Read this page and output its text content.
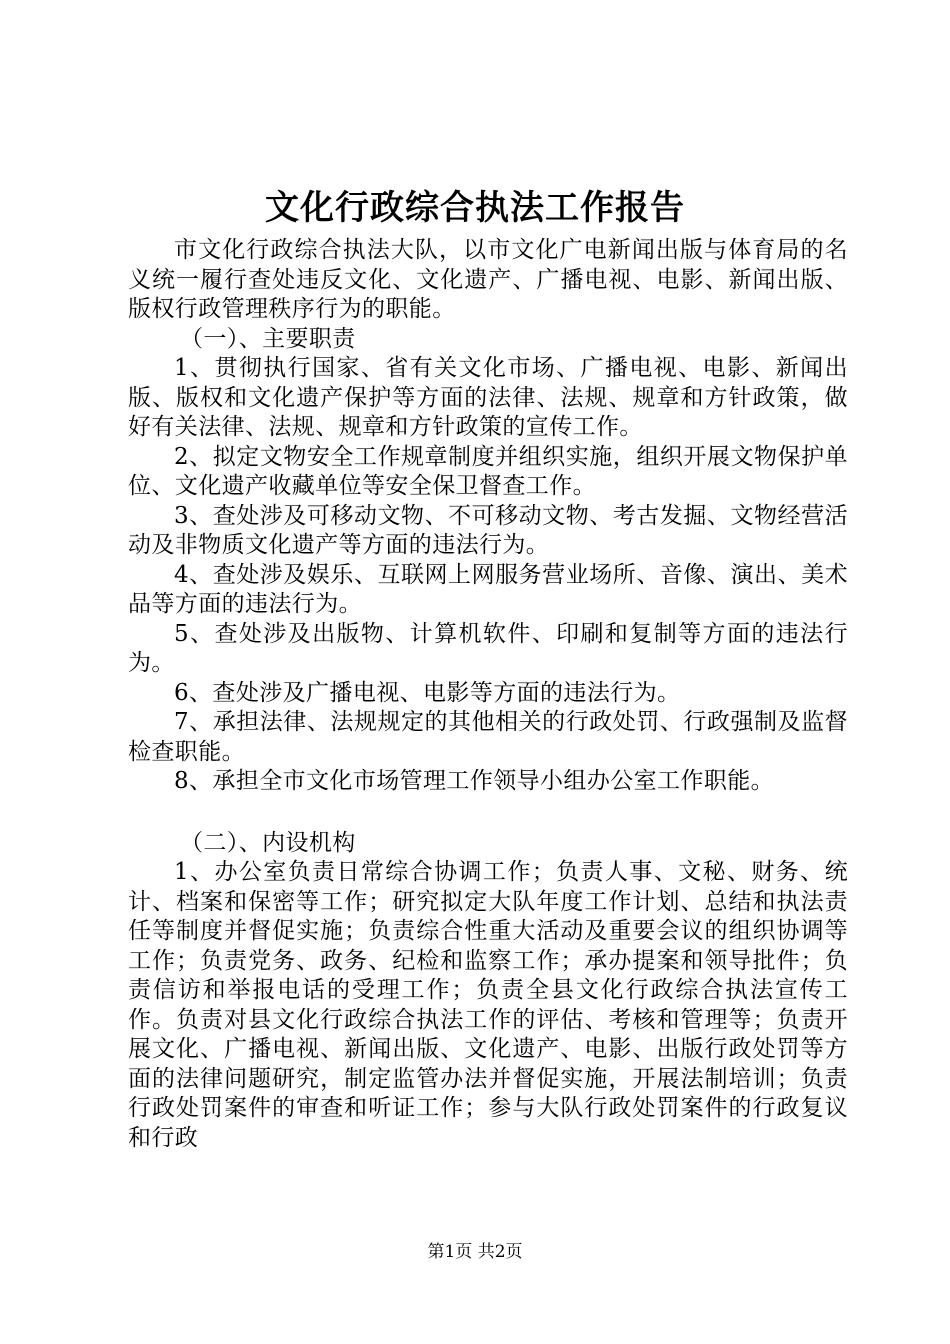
文化行政综合执法工作报告

市文化行政综合执法大队，以市文化广电新闻出版与体育局的名义统一履行查处违反文化、文化遗产、广播电视、电影、新闻出版、版权行政管理秩序行为的职能。

（一）、主要职责

1、贯彻执行国家、省有关文化市场、广播电视、电影、新闻出版、版权和文化遗产保护等方面的法律、法规、规章和方针政策，做好有关法律、法规、规章和方针政策的宣传工作。

2、拟定文物安全工作规章制度并组织实施，组织开展文物保护单位、文化遗产收藏单位等安全保卫督查工作。

3、查处涉及可移动文物、不可移动文物、考古发掘、文物经营活动及非物质文化遗产等方面的违法行为。

4、查处涉及娱乐、互联网上网服务营业场所、音像、演出、美术品等方面的违法行为。

5、查处涉及出版物、计算机软件、印刷和复制等方面的违法行为。

6、查处涉及广播电视、电影等方面的违法行为。

7、承担法律、法规规定的其他相关的行政处罚、行政强制及监督检查职能。

8、承担全市文化市场管理工作领导小组办公室工作职能。

（二）、内设机构

1、办公室负责日常综合协调工作；负责人事、文秘、财务、统计、档案和保密等工作；研究拟定大队年度工作计划、总结和执法责任等制度并督促实施；负责综合性重大活动及重要会议的组织协调等工作；负责党务、政务、纪检和监察工作；承办提案和领导批件；负责信访和举报电话的受理工作；负责全县文化行政综合执法宣传工作。负责对县文化行政综合执法工作的评估、考核和管理等；负责开展文化、广播电视、新闻出版、文化遗产、电影、出版行政处罚等方面的法律问题研究，制定监管办法并督促实施，开展法制培训；负责行政处罚案件的审查和听证工作；参与大队行政处罚案件的行政复议和行政

第1页 共2页
